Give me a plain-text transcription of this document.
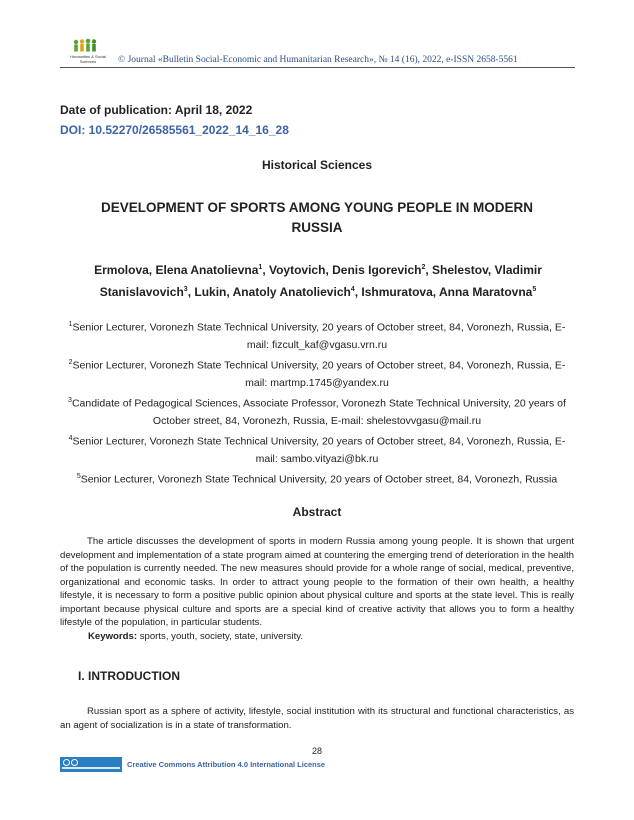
Humanities & Social
Sciences	© Journal «Bulletin Social-Economic and Humanitarian Research», № 14 (16), 2022, e-ISSN 2658-5561
Date of publication: April 18, 2022
DOI: 10.52270/26585561_2022_14_16_28
Historical Sciences
DEVELOPMENT OF SPORTS AMONG YOUNG PEOPLE IN MODERN
RUSSIA
Ermolova, Elena Anatolievna$^1$, Voytovich, Denis Igorevich$^2$, Shelestov, Vladimir Stanislavovich$^3$, Lukin, Anatoly Anatolievich$^4$, Ishmuratova, Anna Maratovna$^5$

$^1$Senior Lecturer, Voronezh State Technical University, 20 years of October street, 84, Voronezh, Russia, E-mail: fizcult_kaf@vgasu.vrn.ru

$^2$Senior Lecturer, Voronezh State Technical University, 20 years of October street, 84, Voronezh, Russia, E-mail: martmp.1745@yandex.ru

$^3$Candidate of Pedagogical Sciences, Associate Professor, Voronezh State Technical University, 20 years of October street, 84, Voronezh, Russia, E-mail: shelestovvgasu@mail.ru

$^4$Senior Lecturer, Voronezh State Technical University, 20 years of October street, 84, Voronezh, Russia, E-mail: sambo.vityazi@bk.ru

$^5$Senior Lecturer, Voronezh State Technical University, 20 years of October street, 84, Voronezh, Russia

Abstract

The article discusses the development of sports in modern Russia among young people. It is shown that urgent development and implementation of a state program aimed at countering the emerging trend of deterioration in the health of the population is currently needed. The new measures should provide for a whole range of social, medical, preventive, organizational and economic tasks. In order to attract young people to the formation of their own health, a healthy lifestyle, it is necessary to form a positive public opinion about physical culture and sports at the state level. This is really important because physical culture and sports are a special kind of creative activity that allows you to form a healthy lifestyle of the population, in particular students.

Keywords: sports, youth, society, state, university.
I. INTRODUCTION

Russian sport as a sphere of activity, lifestyle, social institution with its structural and functional characteristics, as an agent of socialization is in a state of transformation.

28
Creative Commons Attribution 4.0 International License
